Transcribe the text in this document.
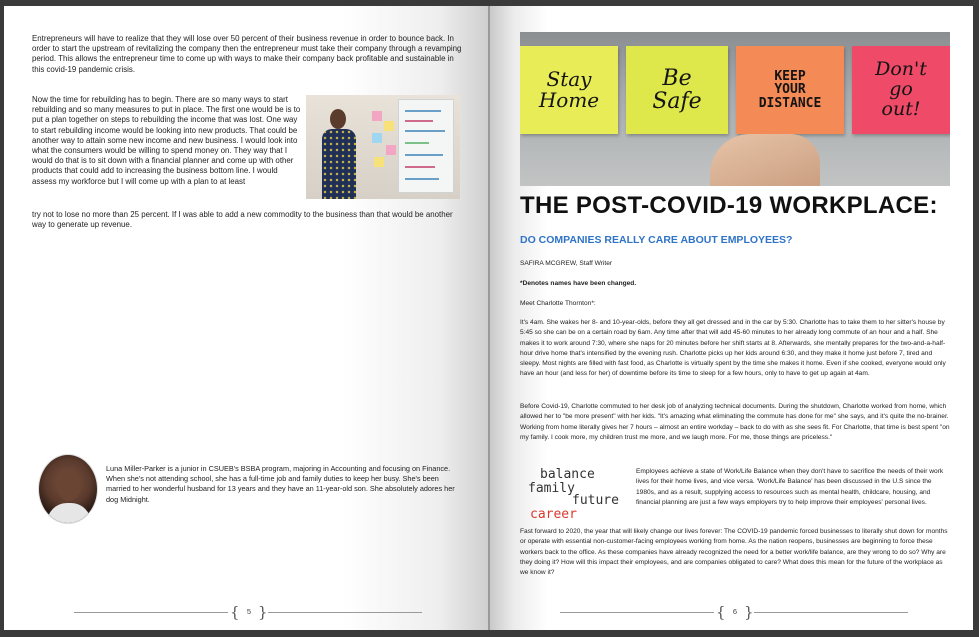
Entrepreneurs will have to realize that they will lose over 50 percent of their business revenue in order to bounce back. In order to start the upstream of revitalizing the company then the entrepreneur must take their company through a revamping period. This allows the entrepreneur time to come up with ways to make their company back profitable and sustainable in this covid-19 pandemic crisis.

Now the time for rebuilding has to begin. There are so many ways to start rebuilding and so many measures to put in place. The first one would be is to put a plan together on steps to rebuilding the income that was lost. One way to start rebuilding income would be looking into new products. That could be another way to attain some new income and new business. I would look into what the consumers would be willing to spend money on. They way that I would do that is to sit down with a financial planner and come up with other products that could add to increasing the business bottom line. I would assess my workforce but I will come up with a plan to at least

try not to lose no more than 25 percent. If I was able to add a new commodity to the business than that would be another way to generate up revenue.

Luna Miller-Parker is a junior in CSUEB's BSBA program, majoring in Accounting and focusing on Finance. When she's not attending school, she has a full-time job and family duties to keep her busy. She's been married to her wonderful husband for 13 years and they have an 11-year-old son. She absolutely adores her dog Midnight.

{ 5 }
Stay
Home
Be
Safe
KEEP
YOUR
DISTANCE
Don't
go
out!
THE POST-COVID-19 WORKPLACE:
DO COMPANIES REALLY CARE ABOUT EMPLOYEES?

SAFIRA MCGREW, Staff Writer

*Denotes names have been changed.

Meet Charlotte Thornton*:

It's 4am. She wakes her 8- and 10-year-olds, before they all get dressed and in the car by 5:30. Charlotte has to take them to her sitter's house by 5:45 so she can be on a certain road by 6am. Any time after that will add 45-60 minutes to her already long commute of an hour and a half. She makes it to work around 7:30, where she naps for 20 minutes before her shift starts at 8. Afterwards, she mentally prepares for the two-and-a-half-hour drive home that's intensified by the evening rush. Charlotte picks up her kids around 6:30, and they make it home just before 7, tired and sleepy. Most nights are filled with fast food, as Charlotte is virtually spent by the time she makes it home. Even if she cooked, everyone would only have an hour (and less for her) of downtime before its time to sleep for a few hours, only to have to get up again at 4am.

Before Covid-19, Charlotte commuted to her desk job of analyzing technical documents. During the shutdown, Charlotte worked from home, which allowed her to "be more present" with her kids. "It's amazing what eliminating the commute has done for me" she says, and it's quite the no-brainer. Working from home literally gives her 7 hours – almost an entire workday – back to do with as she sees fit. For Charlotte, that time is best spent "on my family. I cook more, my children trust me more, and we laugh more. For me, those things are priceless."

balance
family
future
career

Employees achieve a state of Work/Life Balance when they don't have to sacrifice the needs of their work lives for their home lives, and vice versa. 'Work/Life Balance' has been discussed in the U.S since the 1980s, and as a result, supplying access to resources such as mental health, childcare, housing, and financial planning are just a few ways employers try to help improve their employees' personal lives.

Fast forward to 2020, the year that will likely change our lives forever: The COVID-19 pandemic forced businesses to literally shut down for months or operate with essential non-customer-facing employees working from home. As the nation reopens, businesses are beginning to force these workers back to the office. As these companies have already recognized the need for a better work/life balance, are they wrong to do so? Why are they doing it? How will this impact their employees, and are companies obligated to care? What does this mean for the future of the workplace as we know it?

{ 6 }
